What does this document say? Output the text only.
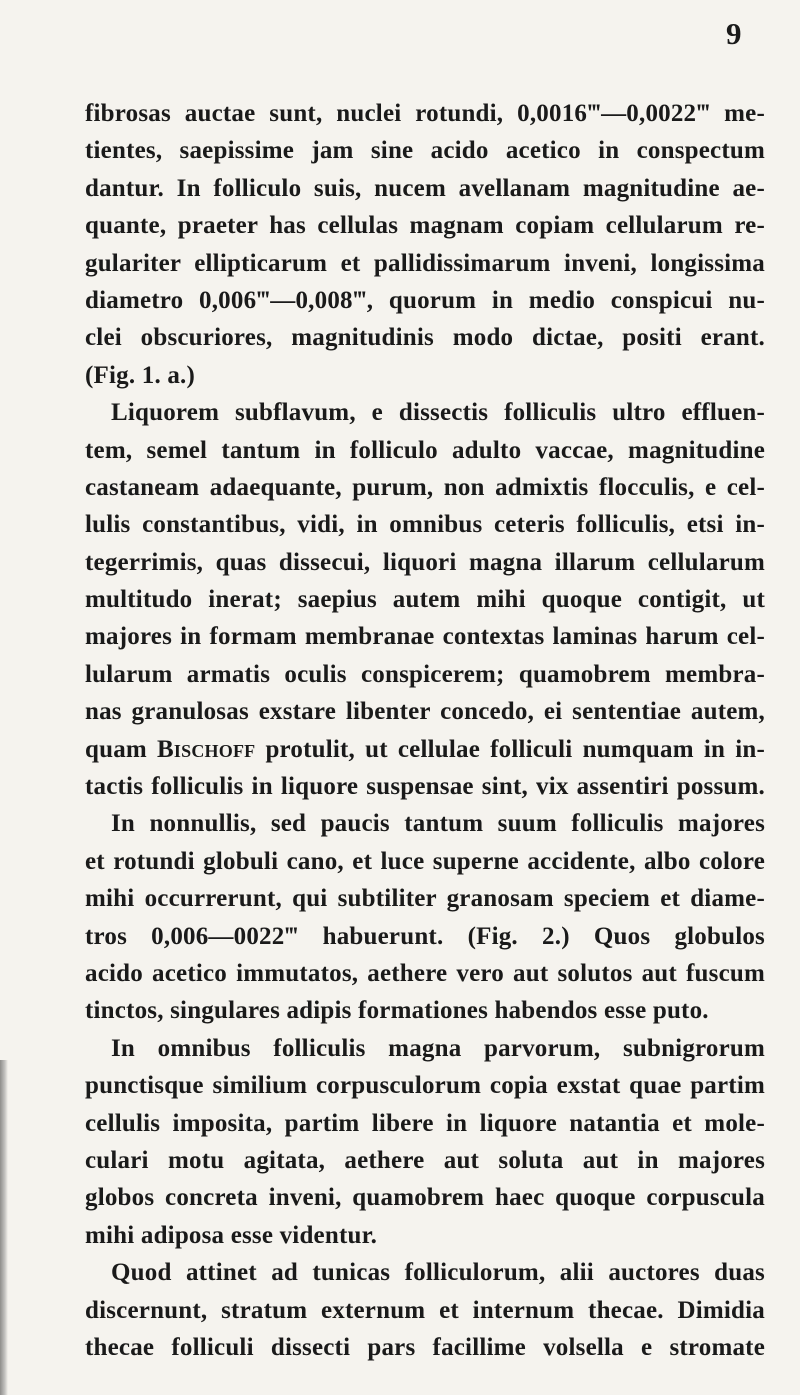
9
fibrosas auctae sunt, nuclei rotundi, 0,0016‴—0,0022‴ me-
tientes, saepissime jam sine acido acetico in conspectum
dantur. In folliculo suis, nucem avellanam magnitudine ae-
quante, praeter has cellulas magnam copiam cellularum re-
gulariter ellipticarum et pallidissimarum inveni, longissima
diametro 0,006‴—0,008‴, quorum in medio conspicui nu-
clei obscuriores, magnitudinis modo dictae, positi erant.
(Fig. 1. a.)
Liquorem subflavum, e dissectis folliculis ultro effluen-
tem, semel tantum in folliculo adulto vaccae, magnitudine
castaneam adaequante, purum, non admixtis flocculis, e cel-
lulis constantibus, vidi, in omnibus ceteris folliculis, etsi in-
tegerrimis, quas dissecui, liquori magna illarum cellularum
multitudo inerat; saepius autem mihi quoque contigit, ut
majores in formam membranae contextas laminas harum cel-
lularum armatis oculis conspicerem; quamobrem membra-
nas granulosas exstare libenter concedo, ei sententiae autem,
quam Bischoff protulit, ut cellulae folliculi numquam in in-
tactis folliculis in liquore suspensae sint, vix assentiri possum.
In nonnullis, sed paucis tantum suum folliculis majores
et rotundi globuli cano, et luce superne accidente, albo colore
mihi occurrerunt, qui subtiliter granosam speciem et diame-
tros 0,006—0022‴ habuerunt. (Fig. 2.) Quos globulos
acido acetico immutatos, aethere vero aut solutos aut fuscum
tinctos, singulares adipis formationes habendos esse puto.
In omnibus folliculis magna parvorum, subnigrorum
punctisque similium corpusculorum copia exstat quae partim
cellulis imposita, partim libere in liquore natantia et mole-
culari motu agitata, aethere aut soluta aut in majores
globos concreta inveni, quamobrem haec quoque corpuscula
mihi adiposa esse videntur.
Quod attinet ad tunicas folliculorum, alii auctores duas
discernunt, stratum externum et internum thecae. Dimidia
thecae folliculi dissecti pars facillime volsella e stromate
